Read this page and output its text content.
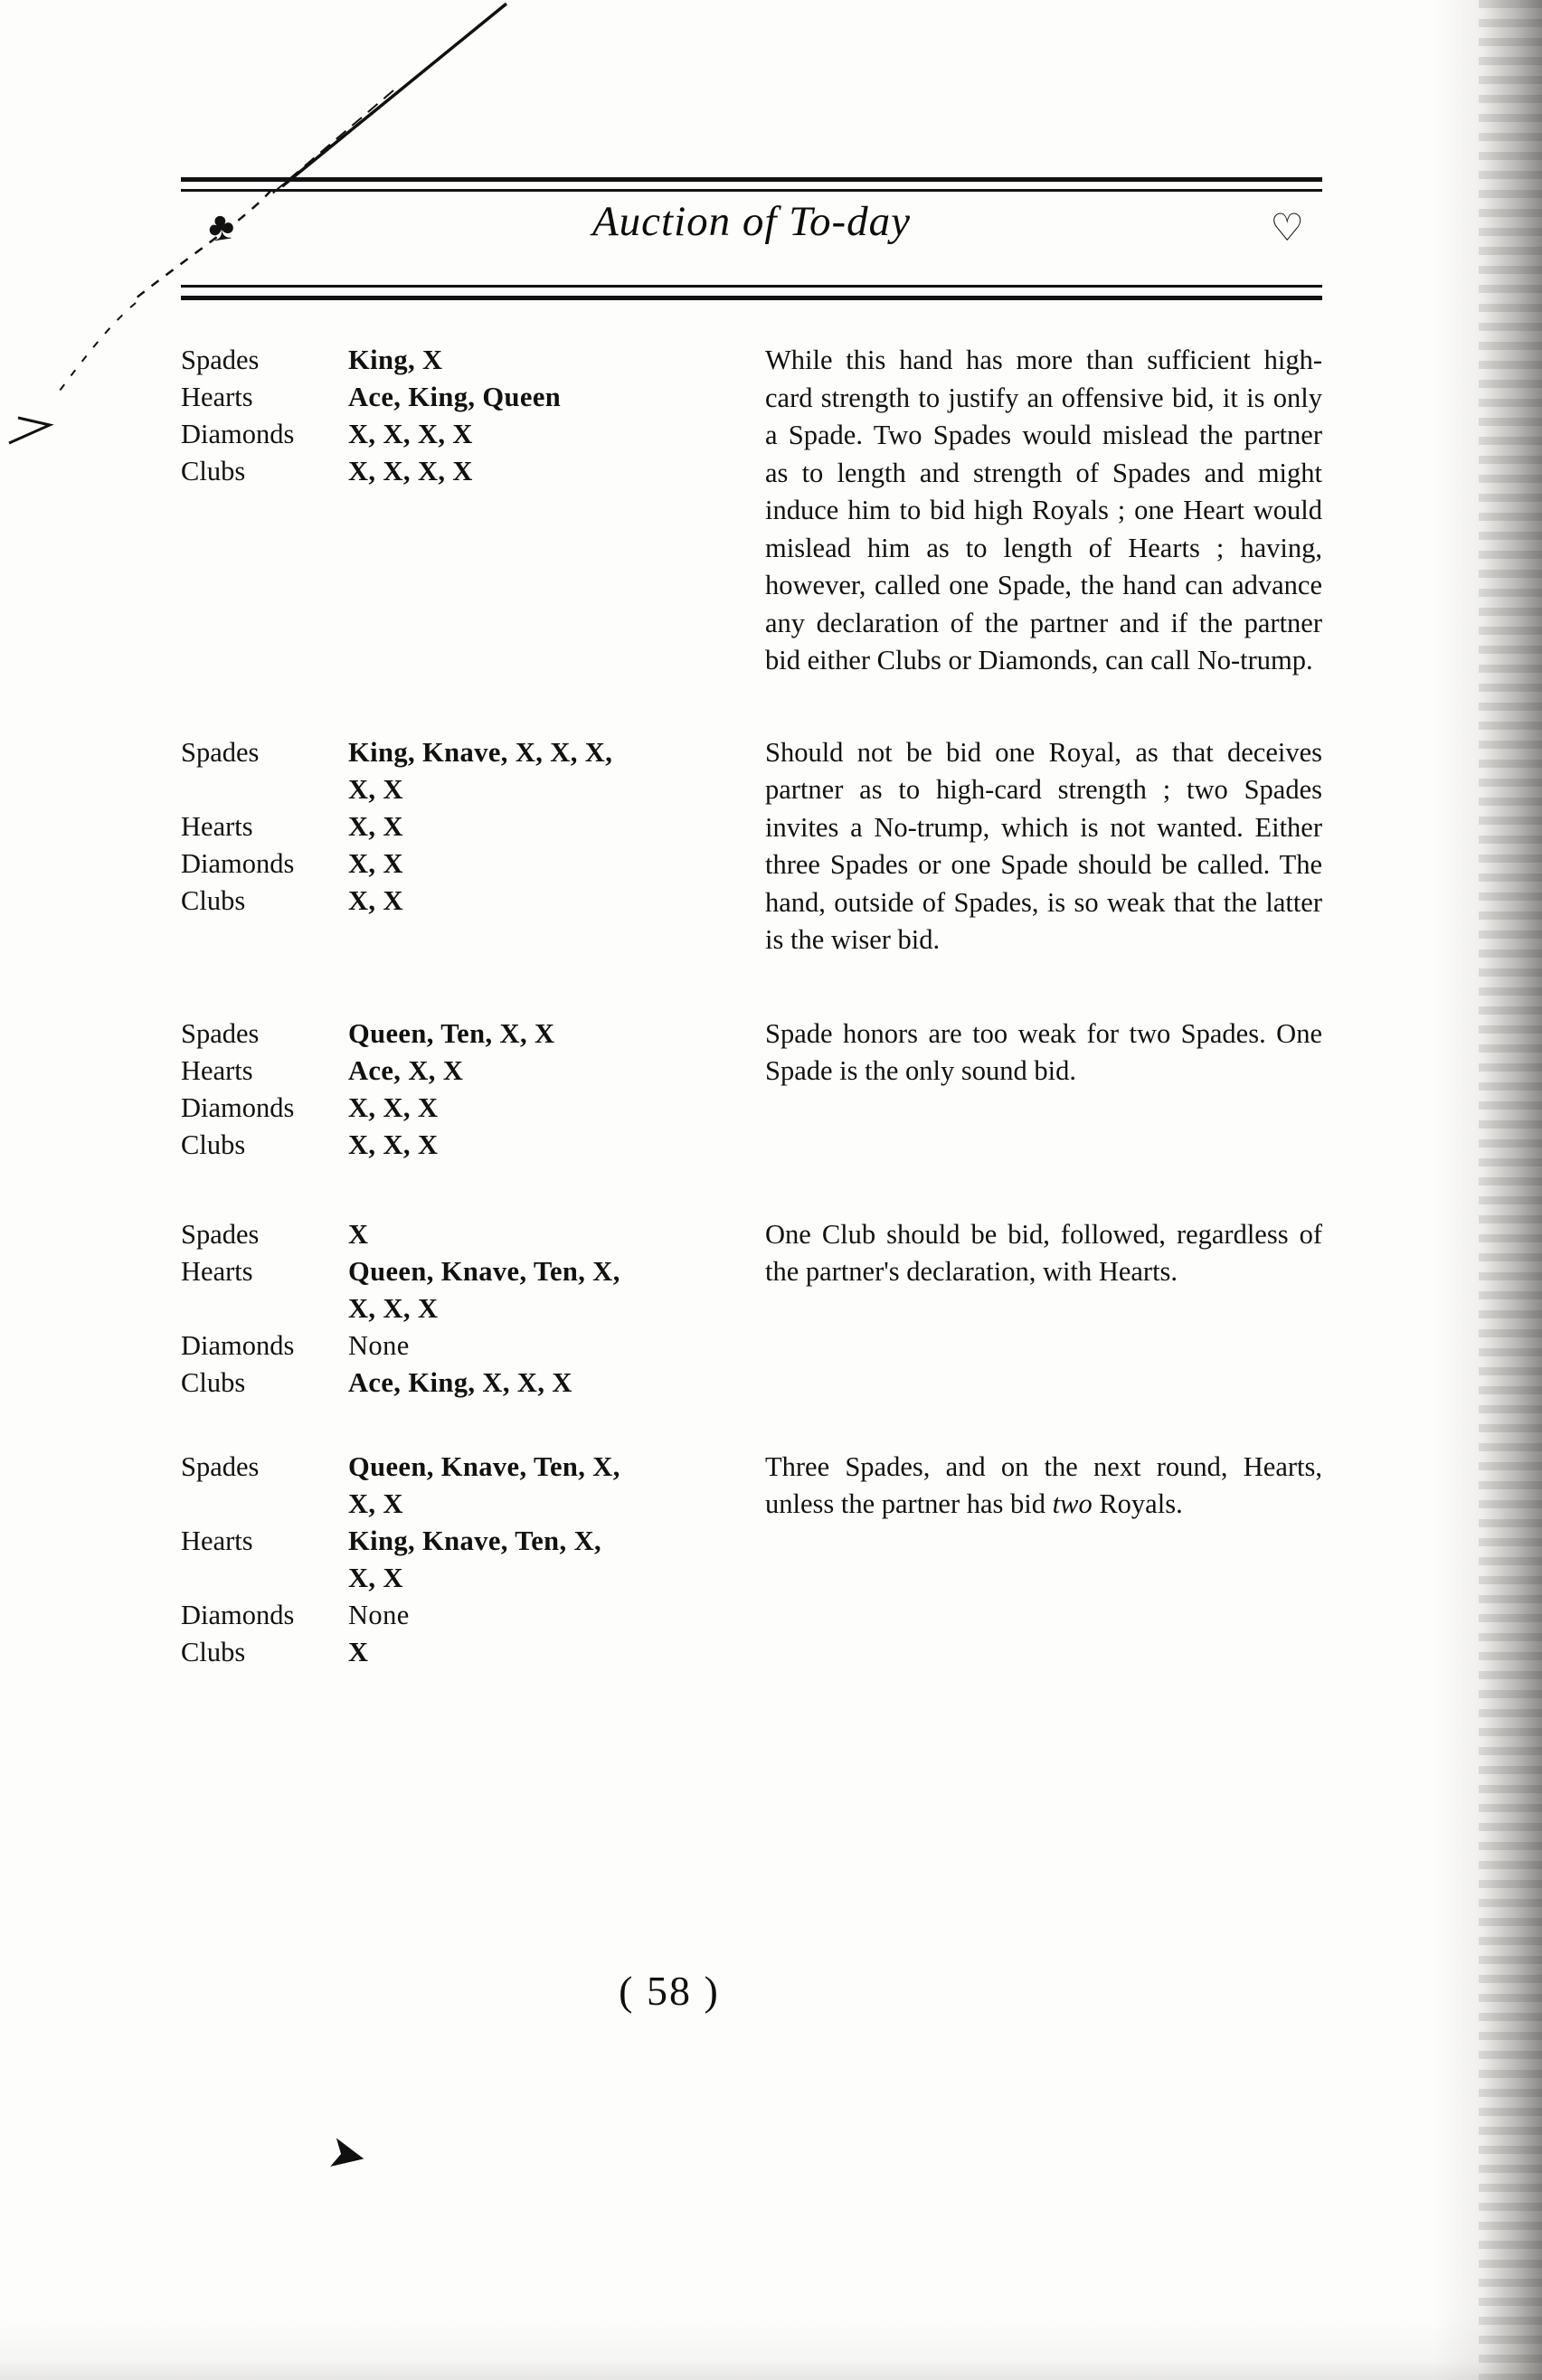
♣	Auction of To-day	♡
Spades	King, X
Hearts	Ace, King, Queen
Diamonds	X, X, X, X
Clubs	X, X, X, X
While this hand has more than sufficient high-card strength to justify an offensive bid, it is only a Spade. Two Spades would mislead the partner as to length and strength of Spades and might induce him to bid high Royals ; one Heart would mislead him as to length of Hearts ; having, however, called one Spade, the hand can advance any declaration of the partner and if the partner bid either Clubs or Diamonds, can call No-trump.
Spades	King, Knave, X, X, X,
X, X
Hearts	X, X
Diamonds	X, X
Clubs	X, X
Should not be bid one Royal, as that deceives partner as to high-card strength ; two Spades invites a No-trump, which is not wanted. Either three Spades or one Spade should be called. The hand, outside of Spades, is so weak that the latter is the wiser bid.
Spades	Queen, Ten, X, X
Hearts	Ace, X, X
Diamonds	X, X, X
Clubs	X, X, X
Spade honors are too weak for two Spades. One Spade is the only sound bid.
Spades	X
Hearts	Queen, Knave, Ten, X,
X, X, X
Diamonds	None
Clubs	Ace, King, X, X, X
One Club should be bid, followed, regardless of the partner's declaration, with Hearts.
Spades	Queen, Knave, Ten, X,
X, X
Hearts	King, Knave, Ten, X,
X, X
Diamonds	None
Clubs	X
Three Spades, and on the next round, Hearts, unless the partner has bid two Royals.
( 58 )
➤
